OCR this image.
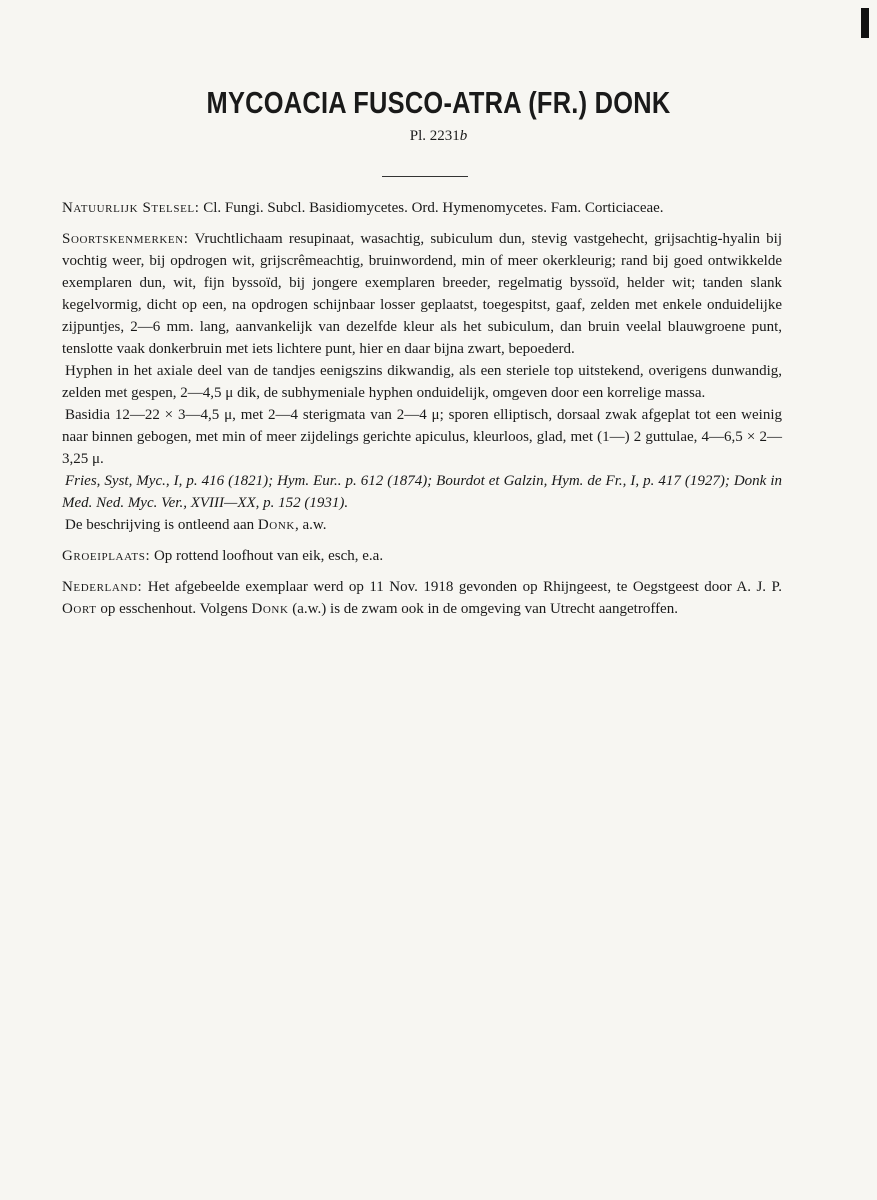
MYCOACIA FUSCO-ATRA (FR.) DONK
Pl. 2231b

Natuurlijk Stelsel: Cl. Fungi. Subcl. Basidiomycetes. Ord. Hymenomycetes. Fam. Corticiaceae.

Soortskenmerken: Vruchtlichaam resupinaat, wasachtig, subiculum dun, stevig vastgehecht, grijsachtig-hyalin bij vochtig weer, bij opdrogen wit, grijscrêmeachtig, bruinwordend, min of meer okerkleurig; rand bij goed ontwikkelde exemplaren dun, wit, fijn byssoïd, bij jongere exemplaren breeder, regelmatig byssoïd, helder wit; tanden slank kegelvormig, dicht op een, na opdrogen schijnbaar losser geplaatst, toegespitst, gaaf, zelden met enkele onduidelijke zijpuntjes, 2—6 mm. lang, aanvankelijk van dezelfde kleur als het subiculum, dan bruin veelal blauwgroene punt, tenslotte vaak donkerbruin met iets lichtere punt, hier en daar bijna zwart, bepoederd.

Hyphen in het axiale deel van de tandjes eenigszins dikwandig, als een steriele top uitstekend, overigens dunwandig, zelden met gespen, 2—4,5 μ dik, de subhymeniale hyphen onduidelijk, omgeven door een korrelige massa.

Basidia 12—22 × 3—4,5 μ, met 2—4 sterigmata van 2—4 μ; sporen elliptisch, dorsaal zwak afgeplat tot een weinig naar binnen gebogen, met min of meer zijdelings gerichte apiculus, kleurloos, glad, met (1—) 2 guttulae, 4—6,5 × 2—3,25 μ.

Fries, Syst, Myc., I, p. 416 (1821); Hym. Eur.. p. 612 (1874); Bourdot et Galzin, Hym. de Fr., I, p. 417 (1927); Donk in Med. Ned. Myc. Ver., XVIII—XX, p. 152 (1931).

De beschrijving is ontleend aan Donk, a.w.

Groeiplaats: Op rottend loofhout van eik, esch, e.a.

Nederland: Het afgebeelde exemplaar werd op 11 Nov. 1918 gevonden op Rhijngeest, te Oegstgeest door A. J. P. Oort op esschenhout. Volgens Donk (a.w.) is de zwam ook in de omgeving van Utrecht aangetroffen.
